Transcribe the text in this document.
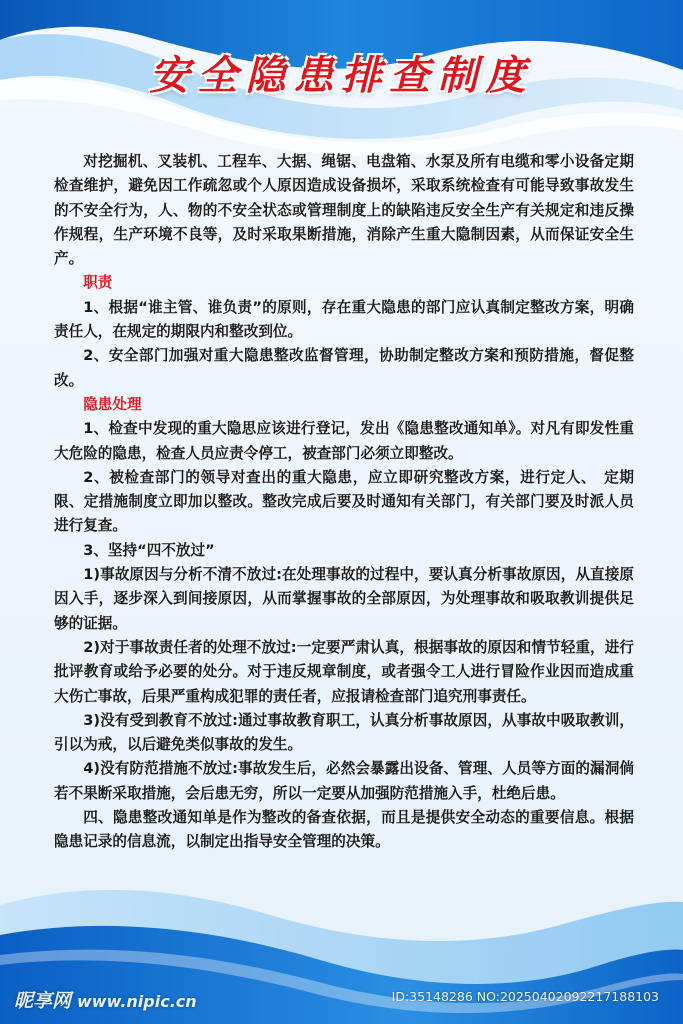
安全隐患排查制度

对挖掘机、叉装机、工程车、大据、绳锯、电盘箱、水泵及所有电缆和零小设备定期检查维护，避免因工作疏忽或个人原因造成设备损坏，采取系统检查有可能导致事故发生的不安全行为，人、物的不安全状态或管理制度上的缺陷违反安全生产有关规定和违反操作规程，生产环境不良等，及时采取果断措施，消除产生重大隐制因素，从而保证安全生产。

职责

1、根据“谁主管、谁负责”的原则，存在重大隐患的部门应认真制定整改方案，明确责任人，在规定的期限内和整改到位。

2、安全部门加强对重大隐患整改监督管理，协助制定整改方案和预防措施，督促整改。

隐患处理

1、检查中发现的重大隐思应该进行登记，发出《隐患整改通知单》。对凡有即发性重大危险的隐患，检查人员应责令停工，被查部门必须立即整改。

2、被检查部门的领导对查出的重大隐患，应立即研究整改方案，进行定人、　定期限、定措施制度立即加以整改。整改完成后要及时通知有关部门，有关部门要及时派人员进行复查。

3、坚持“四不放过”

1)事故原因与分析不清不放过:在处理事故的过程中，要认真分析事故原因，从直接原因入手，逐步深入到间接原因，从而掌握事故的全部原因，为处理事故和吸取教训提供足够的证据。

2)对于事故责任者的处理不放过:一定要严肃认真，根据事故的原因和情节轻重，进行批评教育或给予必要的处分。对于违反规章制度，或者强令工人进行冒险作业因而造成重大伤亡事故，后果严重构成犯罪的责任者，应报请检查部门追究刑事责任。

3)没有受到教育不放过:通过事故教育职工，认真分析事故原因，从事故中吸取教训，引以为戒，以后避免类似事故的发生。

4)没有防范措施不放过:事故发生后，必然会暴露出设备、管理、人员等方面的漏洞倘若不果断采取措施，会后患无穷，所以一定要从加强防范措施入手，杜绝后患。

四、隐患整改通知单是作为整改的备查依据，而且是提供安全动态的重要信息。根据隐患记录的信息流，以制定出指导安全管理的决策。

昵享网 www.nipic.cn	ID:35148286 NO:20250402092217188103
